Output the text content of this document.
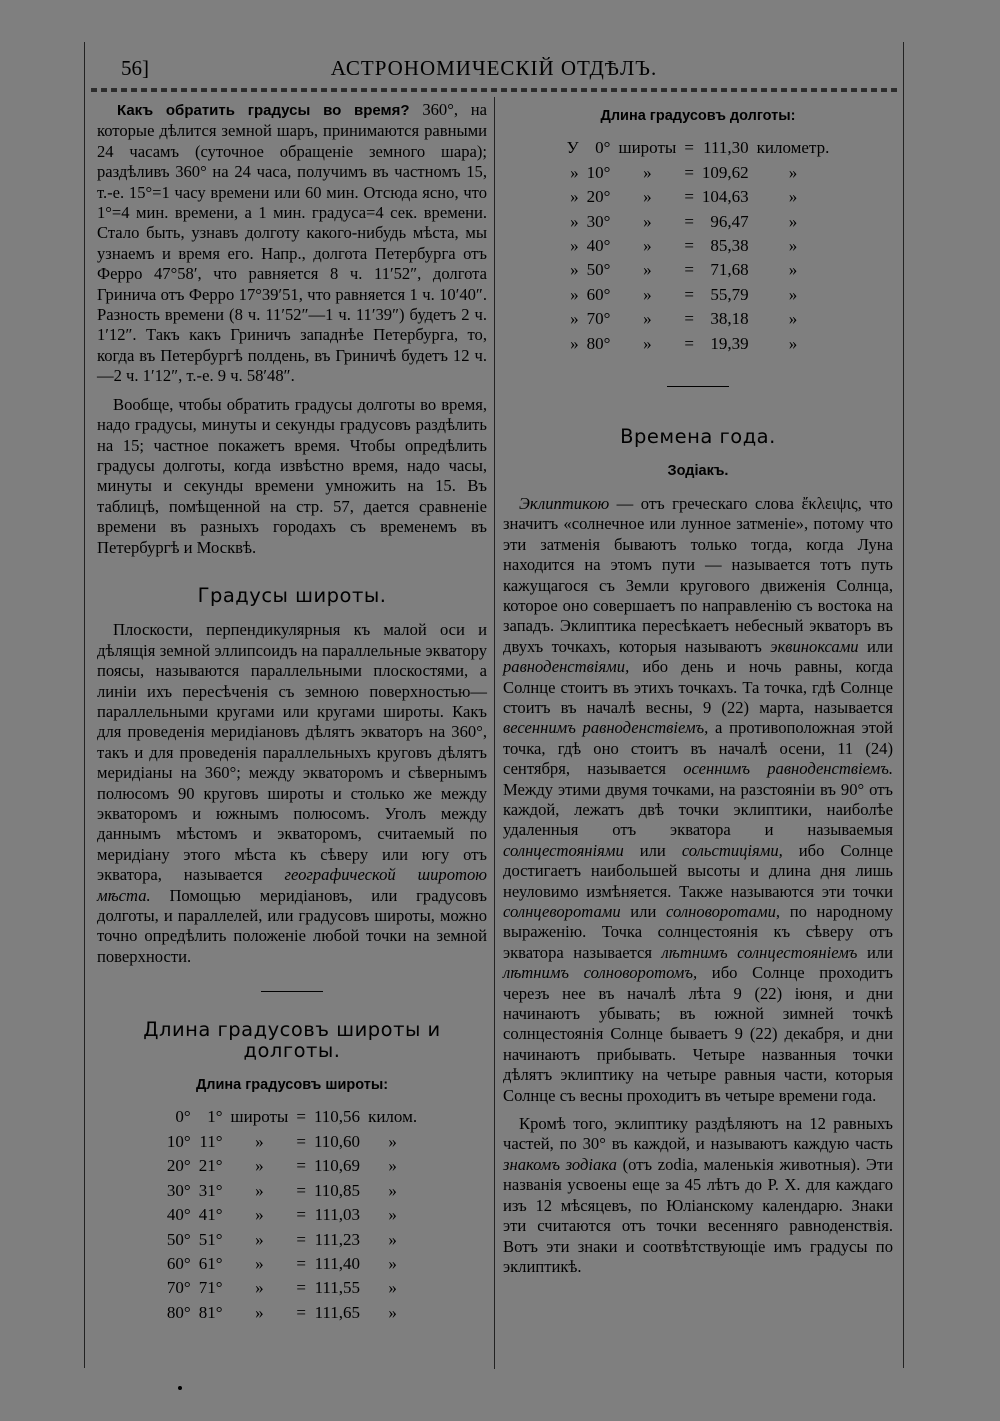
56]	АСТРОНОМИЧЕСКІЙ ОТДѢЛЪ.

Какъ обратить градусы во время? 360°, на которые дѣлится земной шаръ, принимаются равными 24 часамъ (суточное обращеніе земного шара); раздѣливъ 360° на 24 часа, получимъ въ частномъ 15, т.-е. 15°=1 часу времени или 60 мин. Отсюда ясно, что 1°=4 мин. времени, а 1 мин. градуса=4 сек. времени. Стало быть, узнавъ долготу какого-нибудь мѣста, мы узнаемъ и время его. Напр., долгота Петербурга отъ Ферро 47°58′, что равняется 8 ч. 11′52″, долгота Гринича отъ Ферро 17°39′51, что равняется 1 ч. 10′40″. Разность времени (8 ч. 11′52″—1 ч. 11′39″) будетъ 2 ч. 1′12″. Такъ какъ Гриничъ западнѣе Петербурга, то, когда въ Петербургѣ полдень, въ Гриничѣ будетъ 12 ч.—2 ч. 1′12″, т.-е. 9 ч. 58′48″.

Вообще, чтобы обратить градусы долготы во время, надо градусы, минуты и секунды градусовъ раздѣлить на 15; частное покажетъ время. Чтобы опредѣлить градусы долготы, когда извѣстно время, надо часы, минуты и секунды времени умножить на 15. Въ таблицѣ, помѣщенной на стр. 57, дается сравненіе времени въ разныхъ городахъ съ временемъ въ Петербургѣ и Москвѣ.

Градусы широты.

Плоскости, перпендикулярныя къ малой оси и дѣлящія земной эллипсоидъ на параллельные экватору поясы, называются параллельными плоскостями, а линіи ихъ пересѣченія съ земною поверхностью—параллельными кругами или кругами широты. Какъ для проведенія меридіановъ дѣлятъ экваторъ на 360°, такъ и для проведенія параллельныхъ круговъ дѣлятъ меридіаны на 360°; между экваторомъ и сѣвернымъ полюсомъ 90 круговъ широты и столько же между экваторомъ и южнымъ полюсомъ. Уголъ между даннымъ мѣстомъ и экваторомъ, считаемый по меридіану этого мѣста къ сѣверу или югу отъ экватора, называется географической широтою мѣста. Помощью меридіановъ, или градусовъ долготы, и параллелей, или градусовъ широты, можно точно опредѣлить положеніе любой точки на земной поверхности.

Длина градусовъ широты и долготы.
Длина градусовъ широты:
0°	1°	широты	=	110,56	килом.
10°	11°	»	=	110,60	»
20°	21°	»	=	110,69	»
30°	31°	»	=	110,85	»
40°	41°	»	=	111,03	»
50°	51°	»	=	111,23	»
60°	61°	»	=	111,40	»
70°	71°	»	=	111,55	»
80°	81°	»	=	111,65	»
Длина градусовъ долготы:
У	0°	широты	=	111,30	километр.
»	10°	»	=	109,62	»
»	20°	»	=	104,63	»
»	30°	»	=	96,47	»
»	40°	»	=	85,38	»
»	50°	»	=	71,68	»
»	60°	»	=	55,79	»
»	70°	»	=	38,18	»
»	80°	»	=	19,39	»
Времена года.
Зодіакъ.

Эклиптикою — отъ греческаго слова ἔκλειψις, что значитъ «солнечное или лунное затменіе», потому что эти затменія бываютъ только тогда, когда Луна находится на этомъ пути — называется тотъ путь кажущагося съ Земли кругового движенія Солнца, которое оно совершаетъ по направленію съ востока на западъ. Эклиптика пересѣкаетъ небесный экваторъ въ двухъ точкахъ, которыя называютъ эквиноксами или равноденствіями, ибо день и ночь равны, когда Солнце стоитъ въ этихъ точкахъ. Та точка, гдѣ Солнце стоитъ въ началѣ весны, 9 (22) марта, называется весеннимъ равноденствіемъ, а противоположная этой точка, гдѣ оно стоитъ въ началѣ осени, 11 (24) сентября, называется осеннимъ равноденствіемъ. Между этими двумя точками, на разстояніи въ 90° отъ каждой, лежатъ двѣ точки эклиптики, наиболѣе удаленныя отъ экватора и называемыя солнцестояніями или сольстиціями, ибо Солнце достигаетъ наибольшей высоты и длина дня лишь неуловимо измѣняется. Также называются эти точки солнцеворотами или солноворотами, по народному выраженію. Точка солнцестоянія къ сѣверу отъ экватора называется лѣтнимъ солнцестояніемъ или лѣтнимъ солноворотомъ, ибо Солнце проходитъ черезъ нее въ началѣ лѣта 9 (22) іюня, и дни начинаютъ убывать; въ южной зимней точкѣ солнцестоянія Солнце бываетъ 9 (22) декабря, и дни начинаютъ прибывать. Четыре названныя точки дѣлятъ эклиптику на четыре равныя части, которыя Солнце съ весны проходитъ въ четыре времени года.

Кромѣ того, эклиптику раздѣляютъ на 12 равныхъ частей, по 30° въ каждой, и называютъ каждую часть знакомъ зодіака (отъ zodia, маленькія животныя). Эти названія усвоены еще за 45 лѣтъ до Р. Х. для каждаго изъ 12 мѣсяцевъ, по Юліанскому календарю. Знаки эти считаются отъ точки весенняго равноденствія. Вотъ эти знаки и соотвѣтствующіе имъ градусы по эклиптикѣ.
